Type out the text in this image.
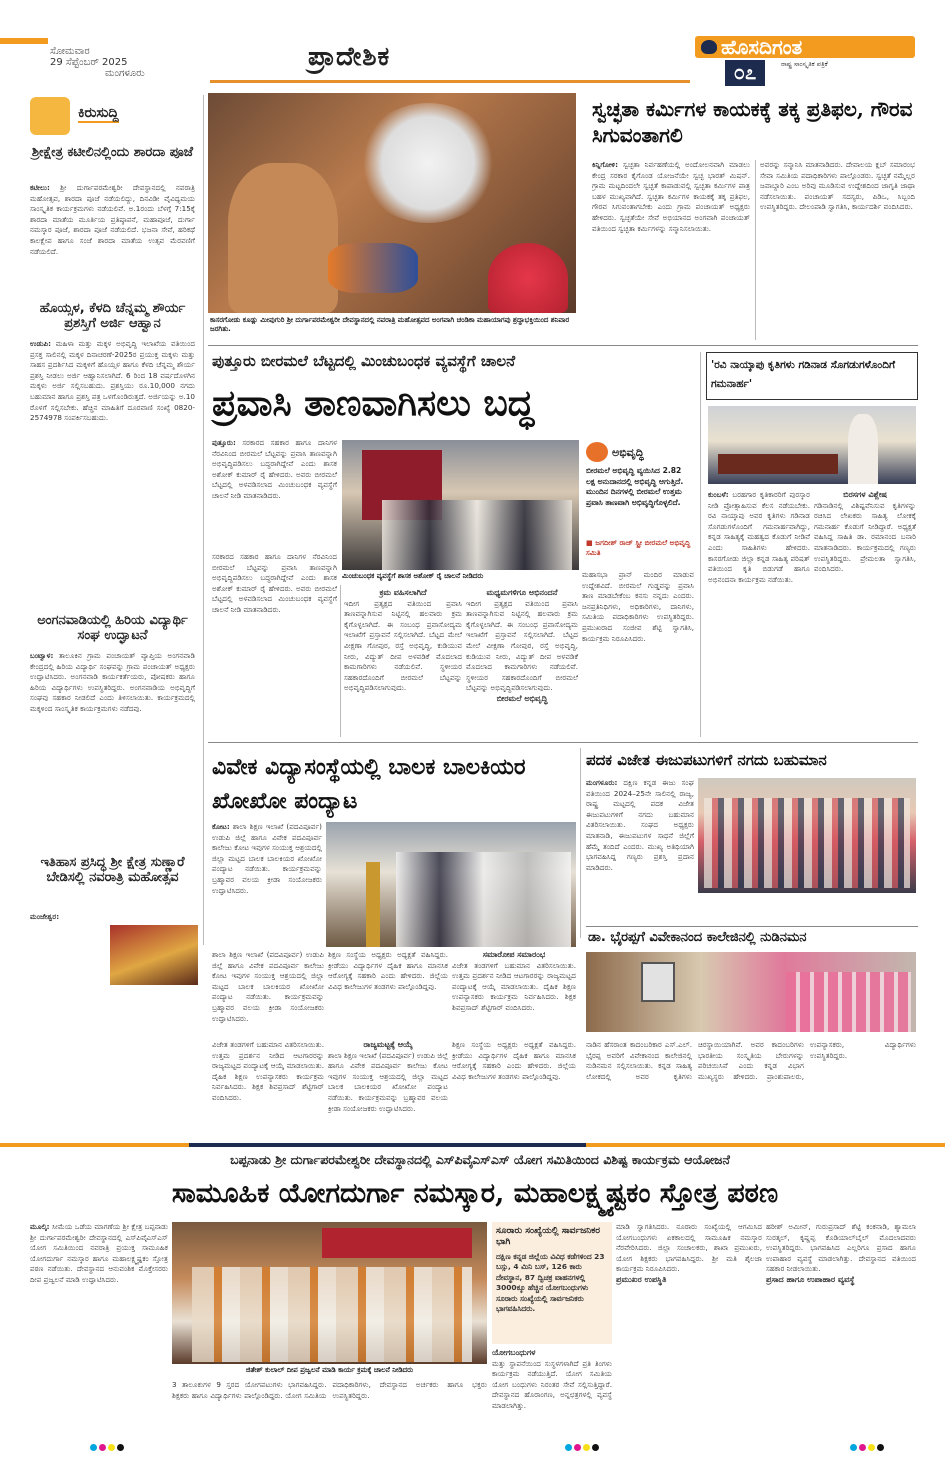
ಸೋಮವಾರ
29 ಸೆಪ್ಟೆಂಬರ್ 2025
ಮಂಗಳೂರು
ಪ್ರಾದೇಶಿಕ	ಹೊಸದಿಗಂತ
೦೭	ರಾಷ್ಟ್ರ ಸಾಂಸ್ಕೃತಿಕ ಪತ್ರಿಕೆ
ಕಿರುಸುದ್ದಿ
ಶ್ರೀಕ್ಷೇತ್ರ ಕಟೀಲಿನಲ್ಲಿಂದು ಶಾರದಾ ಪೂಜೆ
ಕಟೀಲು: ಶ್ರೀ ದುರ್ಗಾಪರಮೇಶ್ವರೀ ದೇವಸ್ಥಾನದಲ್ಲಿ ನವರಾತ್ರಿ ಮಹೋತ್ಸವ, ಶಾರದಾ ಪೂಜೆ ನಡೆಯಲಿದ್ದು, ದಿನವಿಡೀ ವೈವಿಧ್ಯಮಯ ಸಾಂಸ್ಕೃತಿಕ ಕಾರ್ಯಕ್ರಮಗಳು ನಡೆಯಲಿವೆ. ಅ.1ರಂದು ಬೆಳಗ್ಗೆ 7:15ಕ್ಕೆ ಶಾರದಾ ಮಾತೆಯ ಮೂರ್ತಿಯ ಪ್ರತಿಷ್ಠಾಪನೆ, ಮಹಾಪೂಜೆ, ದುರ್ಗಾ ನಮಸ್ಕಾರ ಪೂಜೆ, ಶಾರದಾ ಪೂಜೆ ನಡೆಯಲಿದೆ. ಭಜನಾ ಸೇವೆ, ಹರಿಕಥೆ ಕಾಲಕ್ಷೇಪ ಹಾಗೂ ಸಂಜೆ ಶಾರದಾ ಮಾತೆಯ ಉತ್ಸವ ಮೆರವಣಿಗೆ ನಡೆಯಲಿದೆ.
ಹೊಯ್ಸಳ, ಕೆಳದಿ ಚೆನ್ನಮ್ಮ ಶೌರ್ಯ ಪ್ರಶಸ್ತಿಗೆ ಅರ್ಜಿ ಆಹ್ವಾನ
ಉಡುಪಿ: ಮಹಿಳಾ ಮತ್ತು ಮಕ್ಕಳ ಅಭಿವೃದ್ಧಿ ಇಲಾಖೆಯ ವತಿಯಿಂದ ಪ್ರಸಕ್ತ ಸಾಲಿನಲ್ಲಿ ಮಕ್ಕಳ ದಿನಾಚರಣೆ-2025ರ ಪ್ರಯುಕ್ತ ಮಕ್ಕಳು ಮತ್ತು ಸಾಹಸ ಪ್ರದರ್ಶಿಸಿದ ಮಕ್ಕಳಿಗೆ ಹೊಯ್ಸಳ ಹಾಗೂ ಕೆಳದಿ ಚೆನ್ನಮ್ಮ ಶೌರ್ಯ ಪ್ರಶಸ್ತಿ ನೀಡಲು ಅರ್ಜಿ ಆಹ್ವಾನಿಸಲಾಗಿದೆ. 6 ರಿಂದ 18 ವರ್ಷದೊಳಗಿನ ಮಕ್ಕಳು ಅರ್ಜಿ ಸಲ್ಲಿಸಬಹುದು. ಪ್ರಶಸ್ತಿಯು ರೂ.10,000 ನಗದು ಬಹುಮಾನ ಹಾಗೂ ಪ್ರಶಸ್ತಿ ಪತ್ರ ಒಳಗೊಂಡಿರುತ್ತದೆ. ಅರ್ಜಿಯನ್ನು ಅ.10 ರೊಳಗೆ ಸಲ್ಲಿಸಬೇಕು. ಹೆಚ್ಚಿನ ಮಾಹಿತಿಗೆ ದೂರವಾಣಿ ಸಂಖ್ಯೆ 0820-2574978 ಸಂಪರ್ಕಿಸಬಹುದು.
ಅಂಗನವಾಡಿಯಲ್ಲಿ ಹಿರಿಯ ವಿದ್ಯಾರ್ಥಿ ಸಂಘ ಉದ್ಘಾಟನೆ
ಬಂಟ್ವಾಳ: ತಾಲೂಕಿನ ಗ್ರಾಮ ಪಂಚಾಯತ್ ವ್ಯಾಪ್ತಿಯ ಅಂಗನವಾಡಿ ಕೇಂದ್ರದಲ್ಲಿ ಹಿರಿಯ ವಿದ್ಯಾರ್ಥಿ ಸಂಘವನ್ನು ಗ್ರಾಮ ಪಂಚಾಯತ್ ಅಧ್ಯಕ್ಷರು ಉದ್ಘಾಟಿಸಿದರು. ಅಂಗನವಾಡಿ ಕಾರ್ಯಕರ್ತೆಯರು, ಪೋಷಕರು ಹಾಗೂ ಹಿರಿಯ ವಿದ್ಯಾರ್ಥಿಗಳು ಉಪಸ್ಥಿತರಿದ್ದರು. ಅಂಗನವಾಡಿಯ ಅಭಿವೃದ್ಧಿಗೆ ಸಂಘವು ಸಹಕಾರ ನೀಡಲಿದೆ ಎಂದು ತಿಳಿಸಲಾಯಿತು. ಕಾರ್ಯಕ್ರಮದಲ್ಲಿ ಮಕ್ಕಳಿಂದ ಸಾಂಸ್ಕೃತಿಕ ಕಾರ್ಯಕ್ರಮಗಳು ನಡೆದವು.
ಇತಿಹಾಸ ಪ್ರಸಿದ್ಧ ಶ್ರೀ ಕ್ಷೇತ್ರ ಸುಣ್ಣಾರೆ ಬೇಡಿಸಲ್ಲಿ ನವರಾತ್ರಿ ಮಹೋತ್ಸವ
ಮಂಜೇಶ್ವರ:
ಕಾಸರಗೋಡು ಕೂಡ್ಲು ಮೀಪುಗುರಿ ಶ್ರೀ ದುರ್ಗಾಪರಮೇಶ್ವರೀ ದೇವಸ್ಥಾನದಲ್ಲಿ ನವರಾತ್ರಿ ಮಹೋತ್ಸವದ ಅಂಗವಾಗಿ ಚಂಡಿಕಾ ಮಹಾಯಾಗವು ಶ್ರದ್ಧಾಭಕ್ತಿಯಿಂದ ಶನಿವಾರ ಜರಗಿತು.
ಸ್ವಚ್ಛತಾ ಕರ್ಮಿಗಳ ಕಾಯಕಕ್ಕೆ ತಕ್ಕ ಪ್ರತಿಫಲ, ಗೌರವ ಸಿಗುವಂತಾಗಲಿ
ಕಿನ್ನಿಗೋಳಿ: ಸ್ವಚ್ಛತಾ ನಿರ್ವಹಣೆಯಲ್ಲಿ ಅಂದೋಲನವಾಗಿ ಮಾಡಲು ಕೇಂದ್ರ ಸರಕಾರ ಕೈಗೊಂಡ ಯೋಜನೆಯೇ ಸ್ವಚ್ಛ ಭಾರತ್ ಮಿಷನ್. ಗ್ರಾಮ ಮಟ್ಟದಿಂದಲೇ ಸ್ವಚ್ಛತೆ ಕಾಪಾಡುವಲ್ಲಿ ಸ್ವಚ್ಛತಾ ಕರ್ಮಿಗಳ ಪಾತ್ರ ಬಹಳ ಮುಖ್ಯವಾಗಿದೆ. ಸ್ವಚ್ಛತಾ ಕರ್ಮಿಗಳ ಕಾಯಕಕ್ಕೆ ತಕ್ಕ ಪ್ರತಿಫಲ, ಗೌರವ ಸಿಗುವಂತಾಗಬೇಕು ಎಂದು ಗ್ರಾಮ ಪಂಚಾಯತ್ ಅಧ್ಯಕ್ಷರು ಹೇಳಿದರು. ಸ್ವಚ್ಛತೆಯೇ ಸೇವೆ ಅಭಿಯಾನದ ಅಂಗವಾಗಿ ಪಂಚಾಯತ್ ವತಿಯಿಂದ ಸ್ವಚ್ಛತಾ ಕರ್ಮಿಗಳನ್ನು ಸನ್ಮಾನಿಸಲಾಯಿತು.
ಅವರನ್ನು ಸನ್ಮಾನಿಸಿ ಮಾತನಾಡಿದರು. ದೇವಾಲಯ ಕ್ಲಬ್ ಸಮಾರಂಭ ಸೇವಾ ಸಮಿತಿಯ ಪದಾಧಿಕಾರಿಗಳು ಪಾಲ್ಗೊಂಡರು. ಸ್ವಚ್ಛತೆ ನಮ್ಮೆಲ್ಲರ ಜವಾಬ್ದಾರಿ ಎಂಬ ಅರಿವು ಮೂಡಿಸುವ ಉದ್ದೇಶದಿಂದ ಜಾಗೃತಿ ಜಾಥಾ ನಡೆಸಲಾಯಿತು. ಪಂಚಾಯತ್ ಸದಸ್ಯರು, ಪಿಡಿಒ, ಸಿಬ್ಬಂದಿ ಉಪಸ್ಥಿತರಿದ್ದರು. ದೇಲಂಪಾಡಿ ಸ್ವಾಗತಿಸಿ, ಕಾರ್ಯದರ್ಶಿ ವಂದಿಸಿದರು.
ಪುತ್ತೂರು ಬೀರಮಲೆ ಬೆಟ್ಟದಲ್ಲಿ ಮಿಂಚುಬಂಧಕ ವ್ಯವಸ್ಥೆಗೆ ಚಾಲನೆ
ಪ್ರವಾಸಿ ತಾಣವಾಗಿಸಲು ಬದ್ಧ
ಪುತ್ತೂರು: ಸರಕಾರದ ಸಹಕಾರ ಹಾಗೂ ದಾನಿಗಳ ನೆರವಿನಿಂದ ಬೀರಮಲೆ ಬೆಟ್ಟವನ್ನು ಪ್ರವಾಸಿ ತಾಣವನ್ನಾಗಿ ಅಭಿವೃದ್ಧಿಪಡಿಸಲು ಬದ್ಧರಾಗಿದ್ದೇವೆ ಎಂದು ಶಾಸಕ ಅಶೋಕ್ ಕುಮಾರ್ ರೈ ಹೇಳಿದರು. ಅವರು ಬೀರಮಲೆ ಬೆಟ್ಟದಲ್ಲಿ ಅಳವಡಿಸಲಾದ ಮಿಂಚುಬಂಧಕ ವ್ಯವಸ್ಥೆಗೆ ಚಾಲನೆ ನೀಡಿ ಮಾತನಾಡಿದರು.
ಮಿಂಚುಬಂಧಕ ವ್ಯವಸ್ಥೆಗೆ ಶಾಸಕ ಅಶೋಕ್ ರೈ ಚಾಲನೆ ನೀಡಿದರು
ಅಭಿವೃದ್ಧಿ
ಬೀರಮಲೆ ಅಭಿವೃದ್ಧಿ ವ್ಯಯಿಸಿದ 2.82 ಲಕ್ಷ ಅನುದಾನದಲ್ಲಿ ಅಭಿವೃದ್ಧಿ ಆಗುತ್ತಿದೆ. ಮುಂದಿನ ದಿನಗಳಲ್ಲಿ ಬೀರಮಲೆ ಉತ್ತಮ ಪ್ರವಾಸಿ ತಾಣವಾಗಿ ಅಭಿವೃದ್ಧಿಗೊಳ್ಳಲಿದೆ.
■ ಜಗದೀಶ್ ರಾಜ್ ಸ್ಟ್ರೀ ಬೀರಮಲೆ ಅಭಿವೃದ್ಧಿ ಸಮಿತಿ
ಸರಕಾರದ ಸಹಕಾರ ಹಾಗೂ ದಾನಿಗಳ ನೆರವಿನಿಂದ ಬೀರಮಲೆ ಬೆಟ್ಟವನ್ನು ಪ್ರವಾಸಿ ತಾಣವನ್ನಾಗಿ ಅಭಿವೃದ್ಧಿಪಡಿಸಲು ಬದ್ಧರಾಗಿದ್ದೇವೆ ಎಂದು ಶಾಸಕ ಅಶೋಕ್ ಕುಮಾರ್ ರೈ ಹೇಳಿದರು. ಅವರು ಬೀರಮಲೆ ಬೆಟ್ಟದಲ್ಲಿ ಅಳವಡಿಸಲಾದ ಮಿಂಚುಬಂಧಕ ವ್ಯವಸ್ಥೆಗೆ ಚಾಲನೆ ನೀಡಿ ಮಾತನಾಡಿದರು.
ಕ್ರಮ ವಹಿಸಲಾಗಿದೆ
ಇದೀಗ ಪ್ರತ್ಯಕ್ಷದ ವತಿಯಿಂದ ಪ್ರವಾಸಿ ತಾಣವನ್ನಾಗಿಸುವ ನಿಟ್ಟಿನಲ್ಲಿ ಹಲವಾರು ಕ್ರಮ ಕೈಗೊಳ್ಳಲಾಗಿದೆ. ಈ ಸಂಬಂಧ ಪ್ರವಾಸೋದ್ಯಮ ಇಲಾಖೆಗೆ ಪ್ರಸ್ತಾವನೆ ಸಲ್ಲಿಸಲಾಗಿದೆ. ಬೆಟ್ಟದ ಮೇಲೆ ವೀಕ್ಷಣಾ ಗೋಪುರ, ರಸ್ತೆ ಅಭಿವೃದ್ಧಿ, ಕುಡಿಯುವ ನೀರು, ವಿದ್ಯುತ್ ದೀಪ ಅಳವಡಿಕೆ ಮೊದಲಾದ ಕಾಮಗಾರಿಗಳು ನಡೆಯಲಿವೆ. ಸ್ಥಳೀಯರ ಸಹಕಾರದೊಂದಿಗೆ ಬೀರಮಲೆ ಬೆಟ್ಟವನ್ನು ಅಭಿವೃದ್ಧಿಪಡಿಸಲಾಗುವುದು.
ಮಧ್ಯಮಗಳಿಗೂ ಅಭಿನಂದನೆ
ಇದೀಗ ಪ್ರತ್ಯಕ್ಷದ ವತಿಯಿಂದ ಪ್ರವಾಸಿ ತಾಣವನ್ನಾಗಿಸುವ ನಿಟ್ಟಿನಲ್ಲಿ ಹಲವಾರು ಕ್ರಮ ಕೈಗೊಳ್ಳಲಾಗಿದೆ. ಈ ಸಂಬಂಧ ಪ್ರವಾಸೋದ್ಯಮ ಇಲಾಖೆಗೆ ಪ್ರಸ್ತಾವನೆ ಸಲ್ಲಿಸಲಾಗಿದೆ. ಬೆಟ್ಟದ ಮೇಲೆ ವೀಕ್ಷಣಾ ಗೋಪುರ, ರಸ್ತೆ ಅಭಿವೃದ್ಧಿ, ಕುಡಿಯುವ ನೀರು, ವಿದ್ಯುತ್ ದೀಪ ಅಳವಡಿಕೆ ಮೊದಲಾದ ಕಾಮಗಾರಿಗಳು ನಡೆಯಲಿವೆ. ಸ್ಥಳೀಯರ ಸಹಕಾರದೊಂದಿಗೆ ಬೀರಮಲೆ ಬೆಟ್ಟವನ್ನು ಅಭಿವೃದ್ಧಿಪಡಿಸಲಾಗುವುದು.
ಬೀರಮಲೆ ಅಭಿವೃದ್ಧಿ
ಮಹಾಸಭಾ ಪ್ರಾನ್ ಮಂದಿರ ಮಾಡುವ ಉದ್ದೇಶವಿದೆ. ಬೀರಮಲೆ ಗುಡ್ಡವನ್ನು ಪ್ರವಾಸಿ ತಾಣ ಮಾಡಬೇಕೆಂಬ ಕನಸು ನನ್ನದು ಎಂದರು. ಜನಪ್ರತಿನಿಧಿಗಳು, ಅಧಿಕಾರಿಗಳು, ದಾನಿಗಳು, ಸಮಿತಿಯ ಪದಾಧಿಕಾರಿಗಳು ಉಪಸ್ಥಿತರಿದ್ದರು. ಪ್ರಮುಖರಾದ ಸಂಜೀವ ಶೆಟ್ಟಿ ಸ್ವಾಗತಿಸಿ, ಕಾರ್ಯಕ್ರಮ ನಿರೂಪಿಸಿದರು.
'ರವಿ ನಾಯ್ಕಾಪು ಕೃತಿಗಳು ಗಡಿನಾಡ ಸೊಗಡುಗಳೊಂದಿಗೆ ಗಮನಾರ್ಹ'
ಕುಂಬಳೆ: ಬರಹಗಾರ ಕೃತಿಕಾರರಿಗೆ ಪುರಸ್ಕಾರ ನೀಡಿ ಪ್ರೋತ್ಸಾಹಿಸುವ ಕೆಲಸ ನಡೆಯಬೇಕು. ರವಿ ನಾಯ್ಕಾಪು ಅವರ ಕೃತಿಗಳು ಗಡಿನಾಡ ಸೊಗಡುಗಳೊಂದಿಗೆ ಗಮನಾರ್ಹವಾಗಿದ್ದು, ಕನ್ನಡ ಸಾಹಿತ್ಯಕ್ಕೆ ಮಹತ್ವದ ಕೊಡುಗೆ ನೀಡಿವೆ ಎಂದು ಸಾಹಿತಿಗಳು ಹೇಳಿದರು. ಕಾಸರಗೋಡು ಜಿಲ್ಲಾ ಕನ್ನಡ ಸಾಹಿತ್ಯ ಪರಿಷತ್ ವತಿಯಿಂದ ಕೃತಿ ಬಿಡುಗಡೆ ಹಾಗೂ ಅಭಿನಂದನಾ ಕಾರ್ಯಕ್ರಮ ನಡೆಯಿತು.
ಬಿರಸಗಳ ವಿಶ್ಲೇಷ
ಗಡಿನಾಡಿನಲ್ಲಿ ವಿಶಿಷ್ಟವೆನಿಸುವ ಕೃತಿಗಳನ್ನು ರಚಿಸಿದ ಲೇಖಕರು ಸಾಹಿತ್ಯ ಲೋಕಕ್ಕೆ ಗಮನಾರ್ಹ ಕೊಡುಗೆ ನೀಡಿದ್ದಾರೆ. ಅಧ್ಯಕ್ಷತೆ ವಹಿಸಿದ್ದ ಸಾಹಿತಿ ಡಾ. ರಮಾನಂದ ಬನಾರಿ ಮಾತನಾಡಿದರು. ಕಾರ್ಯಕ್ರಮದಲ್ಲಿ ಗಣ್ಯರು ಉಪಸ್ಥಿತರಿದ್ದರು. ಪ್ರೇಮಲತಾ ಸ್ವಾಗತಿಸಿ, ವಂದಿಸಿದರು.
ವಿವೇಕ ವಿದ್ಯಾಸಂಸ್ಥೆಯಲ್ಲಿ ಬಾಲಕ ಬಾಲಕಿಯರ ಖೋಖೋ ಪಂದ್ಯಾಟ
ಕೋಟ: ಶಾಲಾ ಶಿಕ್ಷಣ ಇಲಾಖೆ (ಪದವಿಪೂರ್ವ) ಉಡುಪಿ ಜಿಲ್ಲೆ ಹಾಗೂ ವಿವೇಕ ಪದವಿಪೂರ್ವ ಕಾಲೇಜು ಕೋಟ ಇವುಗಳ ಸಂಯುಕ್ತ ಆಶ್ರಯದಲ್ಲಿ ಜಿಲ್ಲಾ ಮಟ್ಟದ ಬಾಲಕ ಬಾಲಕಿಯರ ಖೋಖೋ ಪಂದ್ಯಾಟ ನಡೆಯಿತು. ಕಾರ್ಯಕ್ರಮವನ್ನು ಬ್ರಹ್ಮಾವರ ವಲಯ ಕ್ರೀಡಾ ಸಂಯೋಜಕರು ಉದ್ಘಾಟಿಸಿದರು.
ಪದಕ ವಿಜೇತ ಈಜುಪಟುಗಳಿಗೆ ನಗದು ಬಹುಮಾನ
ಮಂಗಳೂರು: ದಕ್ಷಿಣ ಕನ್ನಡ ಈಜು ಸಂಘ ವತಿಯಿಂದ 2024–25ನೇ ಸಾಲಿನಲ್ಲಿ ರಾಜ್ಯ, ರಾಷ್ಟ್ರ ಮಟ್ಟದಲ್ಲಿ ಪದಕ ವಿಜೇತ ಈಜುಪಟುಗಳಿಗೆ ನಗದು ಬಹುಮಾನ ವಿತರಿಸಲಾಯಿತು. ಸಂಘದ ಅಧ್ಯಕ್ಷರು ಮಾತನಾಡಿ, ಈಜುಪಟುಗಳ ಸಾಧನೆ ಜಿಲ್ಲೆಗೆ ಹೆಮ್ಮೆ ತಂದಿದೆ ಎಂದರು. ಮುಖ್ಯ ಅತಿಥಿಯಾಗಿ ಭಾಗವಹಿಸಿದ್ದ ಗಣ್ಯರು ಪ್ರಶಸ್ತಿ ಪ್ರದಾನ ಮಾಡಿದರು.
ಡಾ. ಭೈರಪ್ಪಗೆ ವಿವೇಕಾನಂದ ಕಾಲೇಜಿನಲ್ಲಿ ನುಡಿನಮನ
ಶಾಲಾ ಶಿಕ್ಷಣ ಇಲಾಖೆ (ಪದವಿಪೂರ್ವ) ಉಡುಪಿ ಜಿಲ್ಲೆ ಹಾಗೂ ವಿವೇಕ ಪದವಿಪೂರ್ವ ಕಾಲೇಜು ಕೋಟ ಇವುಗಳ ಸಂಯುಕ್ತ ಆಶ್ರಯದಲ್ಲಿ ಜಿಲ್ಲಾ ಮಟ್ಟದ ಬಾಲಕ ಬಾಲಕಿಯರ ಖೋಖೋ ಪಂದ್ಯಾಟ ನಡೆಯಿತು. ಕಾರ್ಯಕ್ರಮವನ್ನು ಬ್ರಹ್ಮಾವರ ವಲಯ ಕ್ರೀಡಾ ಸಂಯೋಜಕರು ಉದ್ಘಾಟಿಸಿದರು.
ಶಿಕ್ಷಣ ಸಂಸ್ಥೆಯ ಅಧ್ಯಕ್ಷರು ಅಧ್ಯಕ್ಷತೆ ವಹಿಸಿದ್ದರು. ಕ್ರೀಡೆಯು ವಿದ್ಯಾರ್ಥಿಗಳ ದೈಹಿಕ ಹಾಗೂ ಮಾನಸಿಕ ಆರೋಗ್ಯಕ್ಕೆ ಸಹಕಾರಿ ಎಂದು ಹೇಳಿದರು. ಜಿಲ್ಲೆಯ ವಿವಿಧ ಕಾಲೇಜುಗಳ ತಂಡಗಳು ಪಾಲ್ಗೊಂಡಿದ್ದವು.
ಸಮಾರೋಪ ಸಮಾರಂಭ
ವಿಜೇತ ತಂಡಗಳಿಗೆ ಬಹುಮಾನ ವಿತರಿಸಲಾಯಿತು. ಉತ್ತಮ ಪ್ರದರ್ಶನ ನೀಡಿದ ಆಟಗಾರರನ್ನು ರಾಜ್ಯಮಟ್ಟದ ಪಂದ್ಯಾಟಕ್ಕೆ ಆಯ್ಕೆ ಮಾಡಲಾಯಿತು. ದೈಹಿಕ ಶಿಕ್ಷಣ ಉಪನ್ಯಾಸಕರು ಕಾರ್ಯಕ್ರಮ ನಿರ್ವಹಿಸಿದರು. ಶಿಕ್ಷಕ ಶಿವಪ್ರಸಾದ್ ಶೆಟ್ಟಿಗಾರ್ ವಂದಿಸಿದರು.
ವಿಜೇತ ತಂಡಗಳಿಗೆ ಬಹುಮಾನ ವಿತರಿಸಲಾಯಿತು. ಉತ್ತಮ ಪ್ರದರ್ಶನ ನೀಡಿದ ಆಟಗಾರರನ್ನು ರಾಜ್ಯಮಟ್ಟದ ಪಂದ್ಯಾಟಕ್ಕೆ ಆಯ್ಕೆ ಮಾಡಲಾಯಿತು. ದೈಹಿಕ ಶಿಕ್ಷಣ ಉಪನ್ಯಾಸಕರು ಕಾರ್ಯಕ್ರಮ ನಿರ್ವಹಿಸಿದರು. ಶಿಕ್ಷಕ ಶಿವಪ್ರಸಾದ್ ಶೆಟ್ಟಿಗಾರ್ ವಂದಿಸಿದರು.
ರಾಜ್ಯಮಟ್ಟಕ್ಕೆ ಆಯ್ಕೆ
ಶಾಲಾ ಶಿಕ್ಷಣ ಇಲಾಖೆ (ಪದವಿಪೂರ್ವ) ಉಡುಪಿ ಜಿಲ್ಲೆ ಹಾಗೂ ವಿವೇಕ ಪದವಿಪೂರ್ವ ಕಾಲೇಜು ಕೋಟ ಇವುಗಳ ಸಂಯುಕ್ತ ಆಶ್ರಯದಲ್ಲಿ ಜಿಲ್ಲಾ ಮಟ್ಟದ ಬಾಲಕ ಬಾಲಕಿಯರ ಖೋಖೋ ಪಂದ್ಯಾಟ ನಡೆಯಿತು. ಕಾರ್ಯಕ್ರಮವನ್ನು ಬ್ರಹ್ಮಾವರ ವಲಯ ಕ್ರೀಡಾ ಸಂಯೋಜಕರು ಉದ್ಘಾಟಿಸಿದರು.
ಶಿಕ್ಷಣ ಸಂಸ್ಥೆಯ ಅಧ್ಯಕ್ಷರು ಅಧ್ಯಕ್ಷತೆ ವಹಿಸಿದ್ದರು. ಕ್ರೀಡೆಯು ವಿದ್ಯಾರ್ಥಿಗಳ ದೈಹಿಕ ಹಾಗೂ ಮಾನಸಿಕ ಆರೋಗ್ಯಕ್ಕೆ ಸಹಕಾರಿ ಎಂದು ಹೇಳಿದರು. ಜಿಲ್ಲೆಯ ವಿವಿಧ ಕಾಲೇಜುಗಳ ತಂಡಗಳು ಪಾಲ್ಗೊಂಡಿದ್ದವು.
ನಾಡಿನ ಹೆಸರಾಂತ ಕಾದಂಬರಿಕಾರ ಎಸ್.ಎಲ್. ಭೈರಪ್ಪ ಅವರಿಗೆ ವಿವೇಕಾನಂದ ಕಾಲೇಜಿನಲ್ಲಿ ನುಡಿನಮನ ಸಲ್ಲಿಸಲಾಯಿತು. ಕನ್ನಡ ಸಾಹಿತ್ಯ ಲೋಕದಲ್ಲಿ ಅವರ ಕೃತಿಗಳು ಚಿರಸ್ಥಾಯಿಯಾಗಿವೆ. ಅವರ ಕಾದಂಬರಿಗಳು ಭಾರತೀಯ ಸಂಸ್ಕೃತಿಯ ಬೇರುಗಳನ್ನು ಪರಿಚಯಿಸಿವೆ ಎಂದು ಕನ್ನಡ ವಿಭಾಗ ಮುಖ್ಯಸ್ಥರು ಹೇಳಿದರು. ಪ್ರಾಂಶುಪಾಲರು, ಉಪನ್ಯಾಸಕರು, ವಿದ್ಯಾರ್ಥಿಗಳು ಉಪಸ್ಥಿತರಿದ್ದರು.
ಬಪ್ಪನಾಡು ಶ್ರೀ ದುರ್ಗಾಪರಮೇಶ್ವರೀ ದೇವಸ್ಥಾನದಲ್ಲಿ ಎಸ್‌ಪಿವೈಎಸ್‌ಎಸ್ ಯೋಗ ಸಮಿತಿಯಿಂದ ವಿಶಿಷ್ಟ ಕಾರ್ಯಕ್ರಮ ಆಯೋಜನೆ
ಸಾಮೂಹಿಕ ಯೋಗದುರ್ಗಾ ನಮಸ್ಕಾರ, ಮಹಾಲಕ್ಷ್ಮ್ಯಷ್ಟಕಂ ಸ್ತೋತ್ರ ಪಠಣ
ಮೂಲ್ಕಿ: ಸೀಮೆಯ ಒಡೆಯ ಮಾಗಣೆಯ ಶ್ರೀ ಕ್ಷೇತ್ರ ಬಪ್ಪನಾಡು ಶ್ರೀ ದುರ್ಗಾಪರಮೇಶ್ವರೀ ದೇವಸ್ಥಾನದಲ್ಲಿ ಎಸ್‌ಪಿವೈಎಸ್‌ಎಸ್ ಯೋಗ ಸಮಿತಿಯಿಂದ ನವರಾತ್ರಿ ಪ್ರಯುಕ್ತ ಸಾಮೂಹಿಕ ಯೋಗದುರ್ಗಾ ನಮಸ್ಕಾರ ಹಾಗೂ ಮಹಾಲಕ್ಷ್ಮ್ಯಷ್ಟಕಂ ಸ್ತೋತ್ರ ಪಠಣ ನಡೆಯಿತು. ದೇವಸ್ಥಾನದ ಆನುವಂಶಿಕ ಮೊಕ್ತೇಸರರು ದೀಪ ಪ್ರಜ್ವಲನೆ ಮಾಡಿ ಉದ್ಘಾಟಿಸಿದರು.
ಜಿತೇಶ್ ಕುಲಾಲ್ ದೀಪ ಪ್ರಜ್ವಲನೆ ಮಾಡಿ ಕಾರ್ಯ ಕ್ರಮಕ್ಕೆ ಚಾಲನೆ ನೀಡಿದರು
3 ತಾಲೂಕುಗಳ 9 ಸ್ತರದ ಯೋಗಪಟುಗಳು ಭಾಗವಹಿಸಿದ್ದರು. ಶಿಕ್ಷಕರು ಹಾಗೂ ವಿದ್ಯಾರ್ಥಿಗಳು ಪಾಲ್ಗೊಂಡಿದ್ದರು. ಯೋಗ ಸಮಿತಿಯ ಪದಾಧಿಕಾರಿಗಳು, ದೇವಸ್ಥಾನದ ಅರ್ಚಕರು ಹಾಗೂ ಭಕ್ತರು ಉಪಸ್ಥಿತರಿದ್ದರು.
ಸೂರಾರು ಸಂಖ್ಯೆಯಲ್ಲಿ ಸಾರ್ವಜನಿಕರ ಭಾಗಿ
ದಕ್ಷಿಣ ಕನ್ನಡ ಜಿಲ್ಲೆಯ ವಿವಿಧ ಕಡೆಗಳಿಂದ 23 ಬಸ್ಸು, 4 ಮಿನಿ ಬಸ್, 126 ಕಾರು ದೇವಸ್ಥಾನ, 87 ದ್ವಿಚಕ್ರ ವಾಹನಗಳಲ್ಲಿ 3000ಕ್ಕೂ ಹೆಚ್ಚಿನ ಯೋಗಬಂಧುಗಳು ಸೂರಾರು ಸಂಖ್ಯೆಯಲ್ಲಿ ಸಾರ್ವಜನಿಕರು ಭಾಗವಹಿಸಿದರು.
ಯೋಗಬಂಧುಗಳ
ಮತ್ತು ಸ್ಥಾಪನೆಯಿಂದ ಸುಸ್ಥಳಗಳಾಗಿದೆ ಪ್ರತಿ ತಿಂಗಳು ಕಾರ್ಯಕ್ರಮ ನಡೆಯುತ್ತಿದೆ. ಯೋಗ ಸಮಿತಿಯ ಯೋಗ ಬಂಧುಗಳು ನಿರಂತರ ಸೇವೆ ಸಲ್ಲಿಸುತ್ತಿದ್ದಾರೆ. ದೇವಸ್ಥಾನದ ಹೊರಾಂಗಣ, ಅನ್ನಛತ್ರಗಳಲ್ಲಿ ವ್ಯವಸ್ಥೆ ಮಾಡಲಾಗಿತ್ತು.
ಮಾಡಿ ಸ್ವಾಗತಿಸಿದರು. ನೂರಾರು ಸಂಖ್ಯೆಯಲ್ಲಿ ಆಗಮಿಸಿದ ಯೋಗಬಂಧುಗಳು ಏಕಕಾಲದಲ್ಲಿ ಸಾಮೂಹಿಕ ನಮಸ್ಕಾರ ನೆರವೇರಿಸಿದರು. ಜಿಲ್ಲಾ ಸಂಚಾಲಕರು, ಶಾಖಾ ಪ್ರಮುಖರು, ಯೋಗ ಶಿಕ್ಷಕರು ಭಾಗವಹಿಸಿದ್ದರು. ಶ್ರೀ ಮತಿ ಶೈಲಜಾ ಕಾರ್ಯಕ್ರಮ ನಿರೂಪಿಸಿದರು.
ಪ್ರಮುಖರ ಉಪಸ್ಥಿತಿ
ಹರೀಶ್ ಅಮೀನ್, ಗುರುಪ್ರಸಾದ್ ಶೆಟ್ಟಿ ಕಂಕನಾಡಿ, ಶ್ಯಾಮಲಾ ಸುರತ್ಕಲ್, ಕೃಷ್ಣಪ್ಪ ಕೊಡಿಯಾಲ್‌ಬೈಲ್ ಮೊದಲಾದವರು ಉಪಸ್ಥಿತರಿದ್ದರು. ಭಾಗವಹಿಸಿದ ಎಲ್ಲರಿಗೂ ಪ್ರಸಾದ ಹಾಗೂ ಉಪಾಹಾರ ವ್ಯವಸ್ಥೆ ಮಾಡಲಾಗಿತ್ತು. ದೇವಸ್ಥಾನದ ವತಿಯಿಂದ ಸಹಕಾರ ನೀಡಲಾಯಿತು.
ಪ್ರಸಾದ ಹಾಗೂ ಉಪಾಹಾರ ವ್ಯವಸ್ಥೆ
